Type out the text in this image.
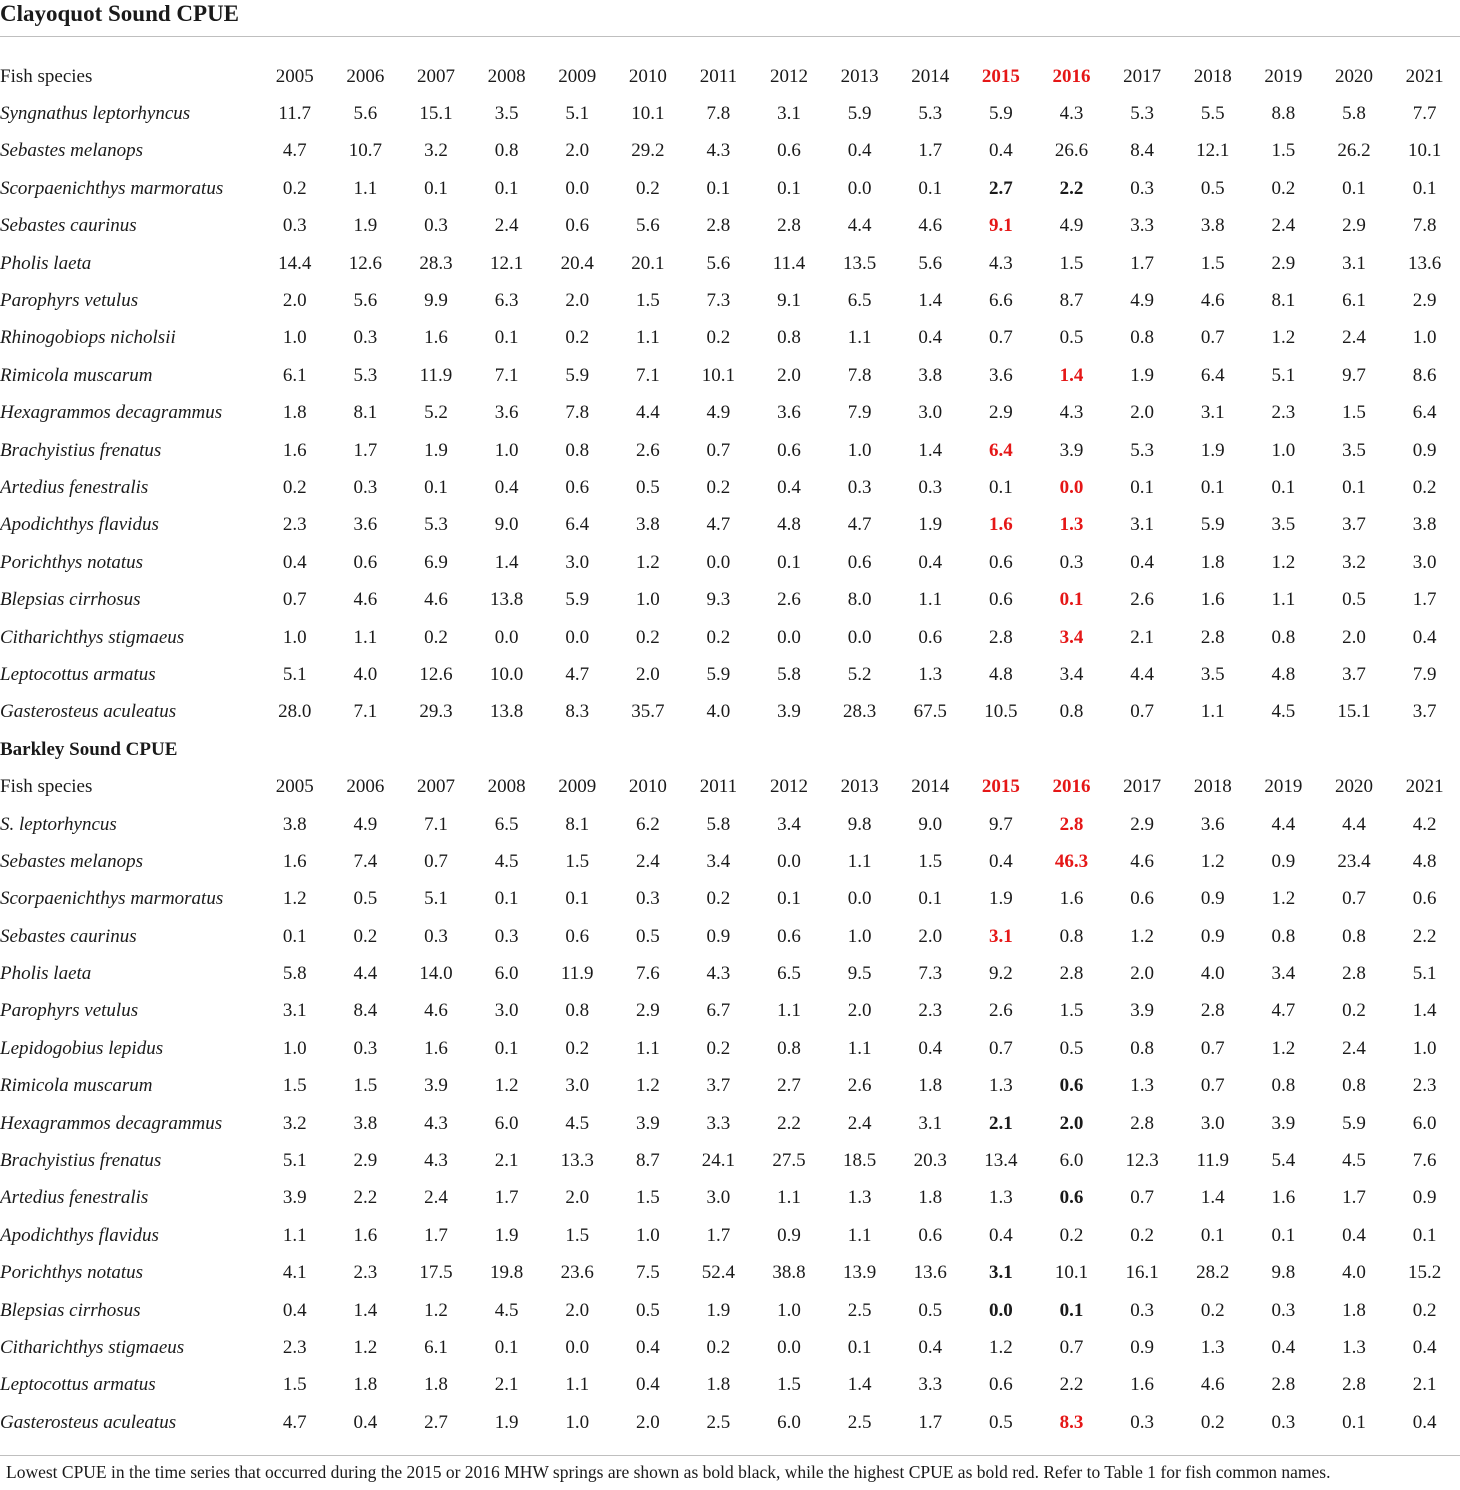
Clayoquot Sound CPUE
Fish species	2005	2006	2007	2008	2009	2010	2011	2012	2013	2014	2015	2016	2017	2018	2019	2020	2021
Syngnathus leptorhyncus	11.7	5.6	15.1	3.5	5.1	10.1	7.8	3.1	5.9	5.3	5.9	4.3	5.3	5.5	8.8	5.8	7.7
Sebastes melanops	4.7	10.7	3.2	0.8	2.0	29.2	4.3	0.6	0.4	1.7	0.4	26.6	8.4	12.1	1.5	26.2	10.1
Scorpaenichthys marmoratus	0.2	1.1	0.1	0.1	0.0	0.2	0.1	0.1	0.0	0.1	2.7	2.2	0.3	0.5	0.2	0.1	0.1
Sebastes caurinus	0.3	1.9	0.3	2.4	0.6	5.6	2.8	2.8	4.4	4.6	9.1	4.9	3.3	3.8	2.4	2.9	7.8
Pholis laeta	14.4	12.6	28.3	12.1	20.4	20.1	5.6	11.4	13.5	5.6	4.3	1.5	1.7	1.5	2.9	3.1	13.6
Parophyrs vetulus	2.0	5.6	9.9	6.3	2.0	1.5	7.3	9.1	6.5	1.4	6.6	8.7	4.9	4.6	8.1	6.1	2.9
Rhinogobiops nicholsii	1.0	0.3	1.6	0.1	0.2	1.1	0.2	0.8	1.1	0.4	0.7	0.5	0.8	0.7	1.2	2.4	1.0
Rimicola muscarum	6.1	5.3	11.9	7.1	5.9	7.1	10.1	2.0	7.8	3.8	3.6	1.4	1.9	6.4	5.1	9.7	8.6
Hexagrammos decagrammus	1.8	8.1	5.2	3.6	7.8	4.4	4.9	3.6	7.9	3.0	2.9	4.3	2.0	3.1	2.3	1.5	6.4
Brachyistius frenatus	1.6	1.7	1.9	1.0	0.8	2.6	0.7	0.6	1.0	1.4	6.4	3.9	5.3	1.9	1.0	3.5	0.9
Artedius fenestralis	0.2	0.3	0.1	0.4	0.6	0.5	0.2	0.4	0.3	0.3	0.1	0.0	0.1	0.1	0.1	0.1	0.2
Apodichthys flavidus	2.3	3.6	5.3	9.0	6.4	3.8	4.7	4.8	4.7	1.9	1.6	1.3	3.1	5.9	3.5	3.7	3.8
Porichthys notatus	0.4	0.6	6.9	1.4	3.0	1.2	0.0	0.1	0.6	0.4	0.6	0.3	0.4	1.8	1.2	3.2	3.0
Blepsias cirrhosus	0.7	4.6	4.6	13.8	5.9	1.0	9.3	2.6	8.0	1.1	0.6	0.1	2.6	1.6	1.1	0.5	1.7
Citharichthys stigmaeus	1.0	1.1	0.2	0.0	0.0	0.2	0.2	0.0	0.0	0.6	2.8	3.4	2.1	2.8	0.8	2.0	0.4
Leptocottus armatus	5.1	4.0	12.6	10.0	4.7	2.0	5.9	5.8	5.2	1.3	4.8	3.4	4.4	3.5	4.8	3.7	7.9
Gasterosteus aculeatus	28.0	7.1	29.3	13.8	8.3	35.7	4.0	3.9	28.3	67.5	10.5	0.8	0.7	1.1	4.5	15.1	3.7
Barkley Sound CPUE																	
Fish species	2005	2006	2007	2008	2009	2010	2011	2012	2013	2014	2015	2016	2017	2018	2019	2020	2021
S. leptorhyncus	3.8	4.9	7.1	6.5	8.1	6.2	5.8	3.4	9.8	9.0	9.7	2.8	2.9	3.6	4.4	4.4	4.2
Sebastes melanops	1.6	7.4	0.7	4.5	1.5	2.4	3.4	0.0	1.1	1.5	0.4	46.3	4.6	1.2	0.9	23.4	4.8
Scorpaenichthys marmoratus	1.2	0.5	5.1	0.1	0.1	0.3	0.2	0.1	0.0	0.1	1.9	1.6	0.6	0.9	1.2	0.7	0.6
Sebastes caurinus	0.1	0.2	0.3	0.3	0.6	0.5	0.9	0.6	1.0	2.0	3.1	0.8	1.2	0.9	0.8	0.8	2.2
Pholis laeta	5.8	4.4	14.0	6.0	11.9	7.6	4.3	6.5	9.5	7.3	9.2	2.8	2.0	4.0	3.4	2.8	5.1
Parophyrs vetulus	3.1	8.4	4.6	3.0	0.8	2.9	6.7	1.1	2.0	2.3	2.6	1.5	3.9	2.8	4.7	0.2	1.4
Lepidogobius lepidus	1.0	0.3	1.6	0.1	0.2	1.1	0.2	0.8	1.1	0.4	0.7	0.5	0.8	0.7	1.2	2.4	1.0
Rimicola muscarum	1.5	1.5	3.9	1.2	3.0	1.2	3.7	2.7	2.6	1.8	1.3	0.6	1.3	0.7	0.8	0.8	2.3
Hexagrammos decagrammus	3.2	3.8	4.3	6.0	4.5	3.9	3.3	2.2	2.4	3.1	2.1	2.0	2.8	3.0	3.9	5.9	6.0
Brachyistius frenatus	5.1	2.9	4.3	2.1	13.3	8.7	24.1	27.5	18.5	20.3	13.4	6.0	12.3	11.9	5.4	4.5	7.6
Artedius fenestralis	3.9	2.2	2.4	1.7	2.0	1.5	3.0	1.1	1.3	1.8	1.3	0.6	0.7	1.4	1.6	1.7	0.9
Apodichthys flavidus	1.1	1.6	1.7	1.9	1.5	1.0	1.7	0.9	1.1	0.6	0.4	0.2	0.2	0.1	0.1	0.4	0.1
Porichthys notatus	4.1	2.3	17.5	19.8	23.6	7.5	52.4	38.8	13.9	13.6	3.1	10.1	16.1	28.2	9.8	4.0	15.2
Blepsias cirrhosus	0.4	1.4	1.2	4.5	2.0	0.5	1.9	1.0	2.5	0.5	0.0	0.1	0.3	0.2	0.3	1.8	0.2
Citharichthys stigmaeus	2.3	1.2	6.1	0.1	0.0	0.4	0.2	0.0	0.1	0.4	1.2	0.7	0.9	1.3	0.4	1.3	0.4
Leptocottus armatus	1.5	1.8	1.8	2.1	1.1	0.4	1.8	1.5	1.4	3.3	0.6	2.2	1.6	4.6	2.8	2.8	2.1
Gasterosteus aculeatus	4.7	0.4	2.7	1.9	1.0	2.0	2.5	6.0	2.5	1.7	0.5	8.3	0.3	0.2	0.3	0.1	0.4
Lowest CPUE in the time series that occurred during the 2015 or 2016 MHW springs are shown as bold black, while the highest CPUE as bold red. Refer to Table 1 for fish common names.
